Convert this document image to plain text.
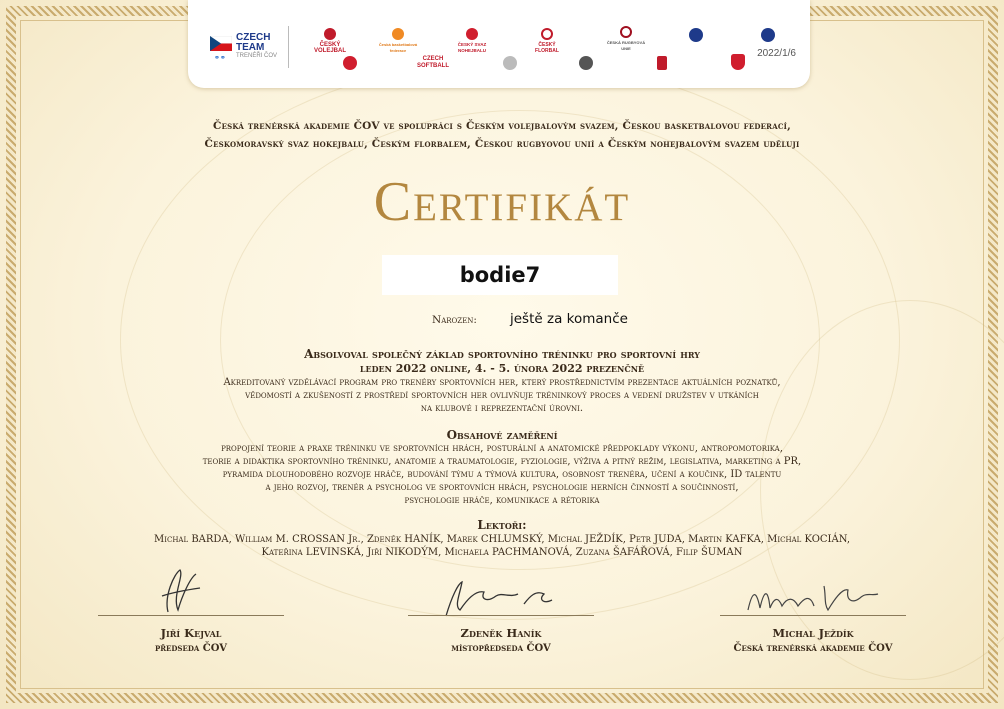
CZECH
TEAM
TRENÉŘI ČOV
⚭⚭
ČESKÝ VOLEJBAL
Česká basketbalová federace
ČESKÝ SVAZ NOHEJBALU
ČESKÝ FLORBAL
ČESKÁ RUGBYOVÁ UNIE
CZECH SOFTBALL
2022/1/6
Česká trenérská akademie ČOV ve spolupráci s Českým volejbalovým svazem, Českou basketbalovou federací,
Českomoravský svaz hokejbalu, Českým florbalem, Českou rugbyovou unií a Českým nohejbalovým svazem uděluji
Certifikát
bodie7
Narozen: ještě za komanče
Absolvoval společný základ sportovního tréninku pro sportovní hry
leden 2022 online, 4. - 5. února 2022 prezenčně
Akreditovaný vzdělávací program pro trenéry sportovních her, který prostřednictvím prezentace aktuálních poznatků,
vědomostí a zkušeností z prostředí sportovních her ovlivňuje tréninkový proces a vedení družstev v utkáních
na klubové i reprezentační úrovni.
Obsahové zaměření
propojení teorie a praxe tréninku ve sportovních hrách, posturální a anatomické předpoklady výkonu, antropomotorika,
teorie a didaktika sportovního tréninku, anatomie a traumatologie, fyziologie, výživa a pitný režim, legislativa, marketing a PR,
pyramida dlouhodobého rozvoje hráče, budování týmu a týmová kultura, osobnost trenéra, učení a koučink, ID talentu
a jeho rozvoj, trenér a psycholog ve sportovních hrách, psychologie herních činností a součinností,
psychologie hráče, komunikace a rétorika
Lektoři:
Michal BARDA, William M. CROSSAN Jr., Zdeněk HANÍK, Marek CHLUMSKÝ, Michal JEŽDÍK, Petr JUDA, Martin KAFKA, Michal KOCIÁN,
Kateřina LEVINSKÁ, Jiří NIKODÝM, Michaela PACHMANOVÁ, Zuzana ŠAFÁŘOVÁ, Filip ŠUMAN
Jiří Kejval
předseda ČOV
Zdeněk Haník
místopředseda ČOV
Michal Ježdík
Česká trenérská akademie ČOV
